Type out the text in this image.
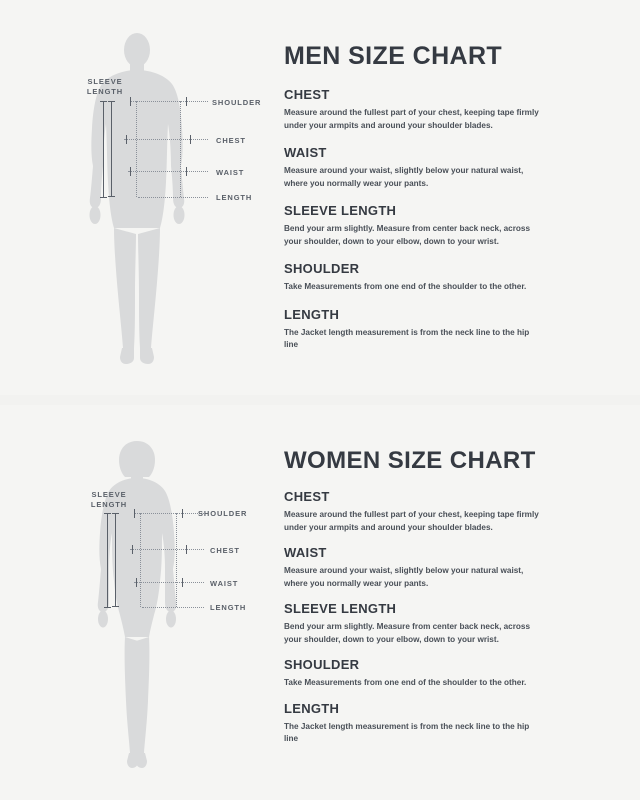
SLEEVE
LENGTH
SHOULDER
CHEST
WAIST
LENGTH
MEN SIZE CHART
CHEST

Measure around the fullest part of your chest, keeping tape firmly under your armpits and around your shoulder blades.

WAIST

Measure around your waist, slightly below your natural waist, where you normally wear your pants.

SLEEVE LENGTH

Bend your arm slightly. Measure from center back neck, across your shoulder, down to your elbow, down to your wrist.

SHOULDER

Take Measurements from one end of the shoulder to the other.

LENGTH

The Jacket length measurement is from the neck line to the hip line

SLEEVE
LENGTH
SHOULDER
CHEST
WAIST
LENGTH
WOMEN SIZE CHART
CHEST

Measure around the fullest part of your chest, keeping tape firmly under your armpits and around your shoulder blades.

WAIST

Measure around your waist, slightly below your natural waist, where you normally wear your pants.

SLEEVE LENGTH

Bend your arm slightly. Measure from center back neck, across your shoulder, down to your elbow, down to your wrist.

SHOULDER

Take Measurements from one end of the shoulder to the other.

LENGTH

The Jacket length measurement is from the neck line to the hip line
